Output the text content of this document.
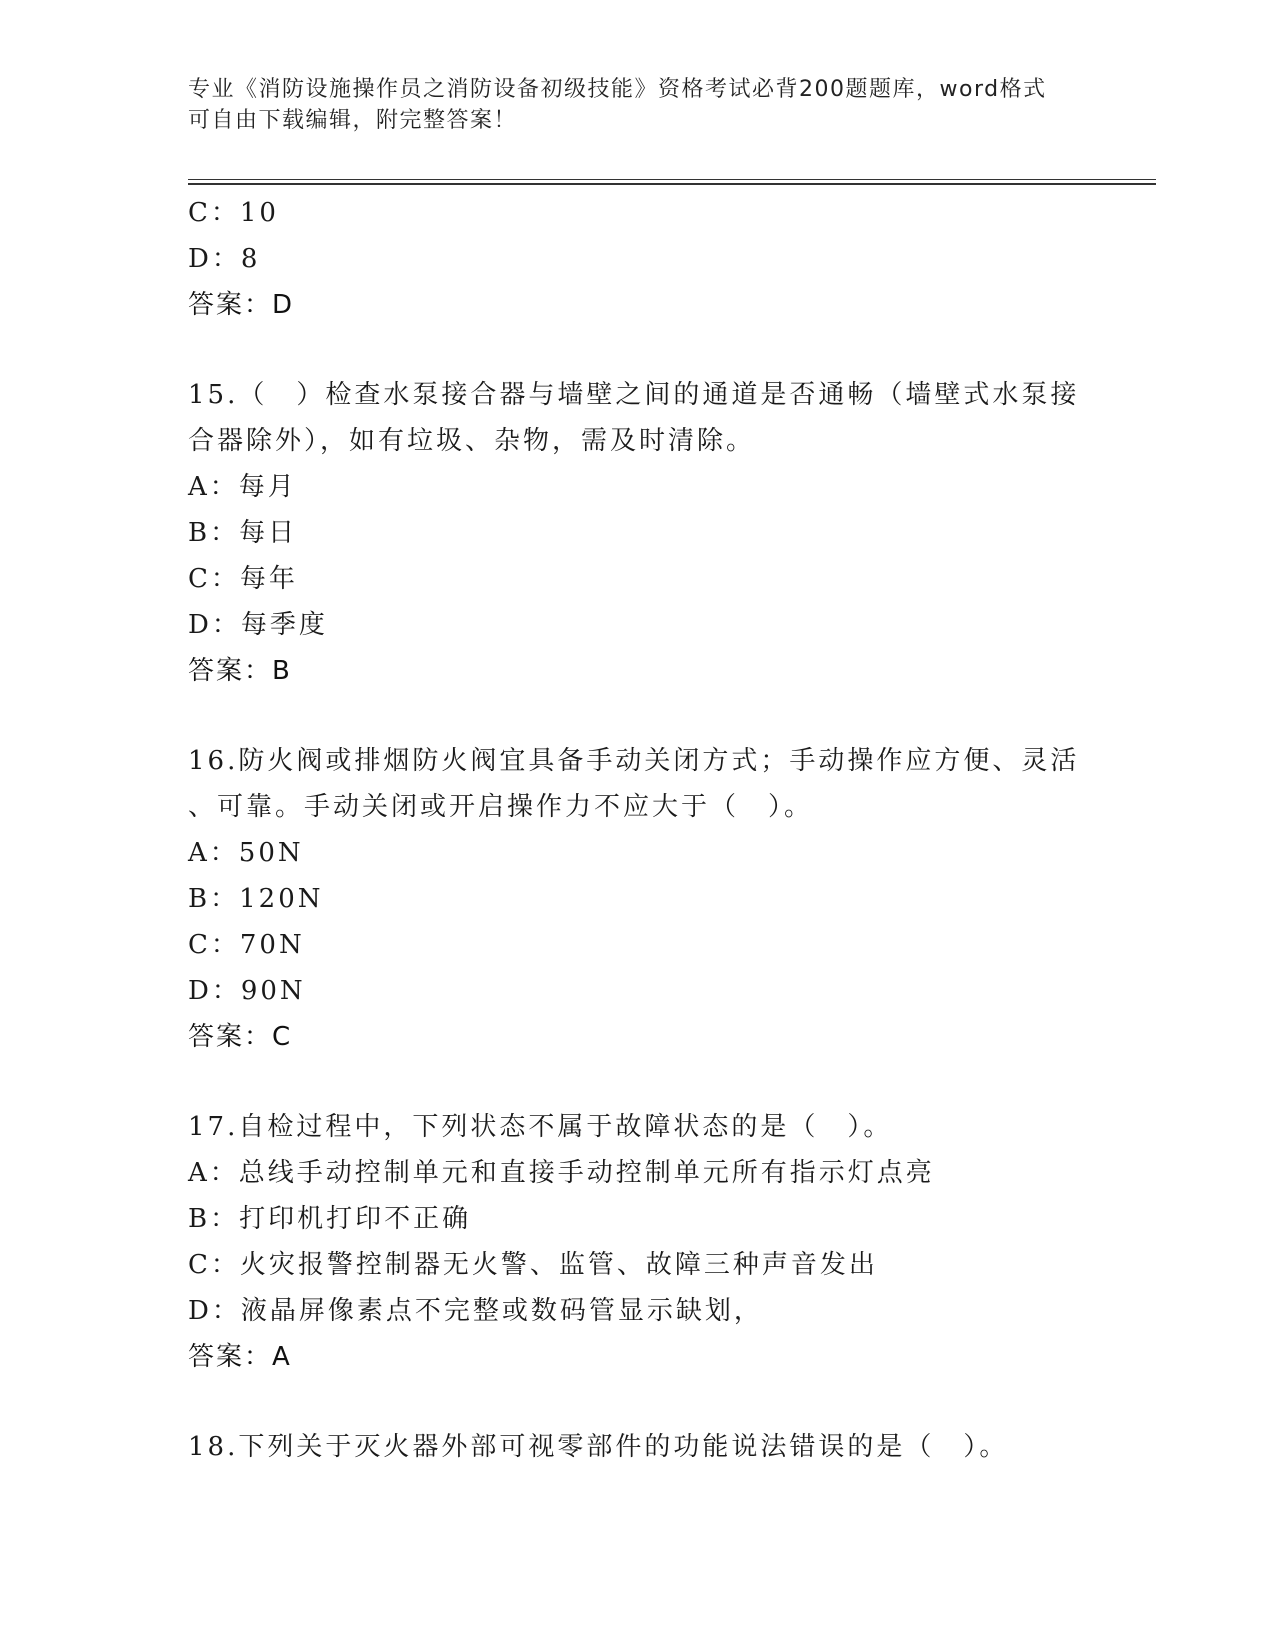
专业《消防设施操作员之消防设备初级技能》资格考试必背200题题库，word格式可自由下载编辑，附完整答案！
C：10
D：8
答案：D
15.（　）检查水泵接合器与墙壁之间的通道是否通畅（墙壁式水泵接
合器除外），如有垃圾、杂物，需及时清除。
A：每月
B：每日
C：每年
D：每季度
答案：B
16.防火阀或排烟防火阀宜具备手动关闭方式；手动操作应方便、灵活
、可靠。手动关闭或开启操作力不应大于（　）。
A：50N
B：120N
C：70N
D：90N
答案：C
17.自检过程中，下列状态不属于故障状态的是（　）。
A：总线手动控制单元和直接手动控制单元所有指示灯点亮
B：打印机打印不正确
C：火灾报警控制器无火警、监管、故障三种声音发出
D：液晶屏像素点不完整或数码管显示缺划，
答案：A
18.下列关于灭火器外部可视零部件的功能说法错误的是（　）。
